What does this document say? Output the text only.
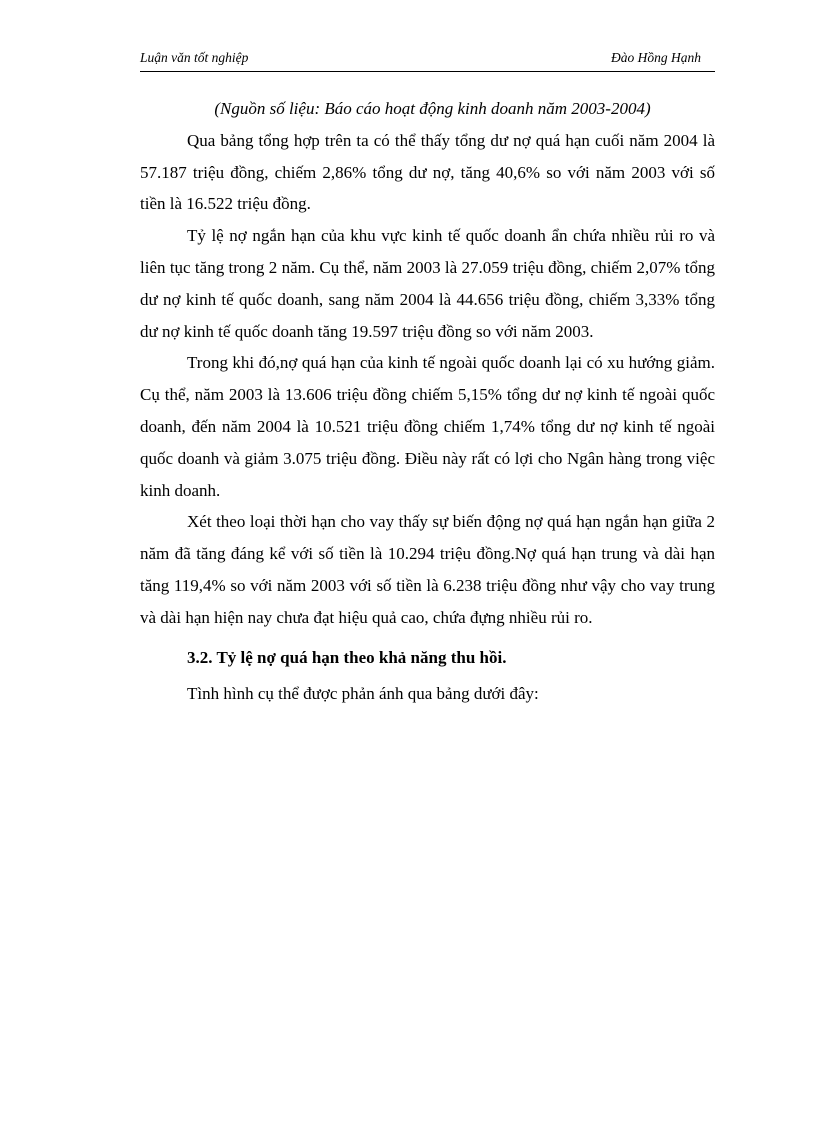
Luận văn tốt nghiệp	Đào Hồng Hạnh

(Nguồn số liệu: Báo cáo hoạt động kinh doanh năm 2003-2004)

Qua bảng tổng hợp trên ta có thể thấy tổng dư nợ quá hạn cuối năm 2004 là 57.187 triệu đồng, chiếm 2,86% tổng dư nợ, tăng 40,6% so với năm 2003 với số tiền là 16.522 triệu đồng.

Tỷ lệ nợ ngắn hạn của khu vực kinh tế quốc doanh ẩn chứa nhiều rủi ro và liên tục tăng trong 2 năm. Cụ thể, năm 2003 là 27.059 triệu đồng, chiếm 2,07% tổng dư nợ kinh tế quốc doanh, sang năm 2004 là 44.656 triệu đồng, chiếm 3,33% tổng dư nợ kinh tế quốc doanh tăng 19.597 triệu đồng so với năm 2003.

Trong khi đó,nợ quá hạn của kinh tế ngoài quốc doanh lại có xu hướng giảm. Cụ thể, năm 2003 là 13.606 triệu đồng chiếm 5,15% tổng dư nợ kinh tế ngoài quốc doanh, đến năm 2004 là 10.521 triệu đồng chiếm 1,74% tổng dư nợ kinh tế ngoài quốc doanh và giảm 3.075 triệu đồng. Điều này rất có lợi cho Ngân hàng trong việc kinh doanh.

Xét theo loại thời hạn cho vay thấy sự biến động nợ quá hạn ngắn hạn giữa 2 năm đã tăng đáng kể với số tiền là 10.294 triệu đồng.Nợ quá hạn trung và dài hạn tăng 119,4% so với năm 2003 với số tiền là 6.238 triệu đồng như vậy cho vay trung và dài hạn hiện nay chưa đạt hiệu quả cao, chứa đựng nhiều rủi ro.

3.2. Tỷ lệ nợ quá hạn theo khả năng thu hồi.

Tình hình cụ thể được phản ánh qua bảng dưới đây:
